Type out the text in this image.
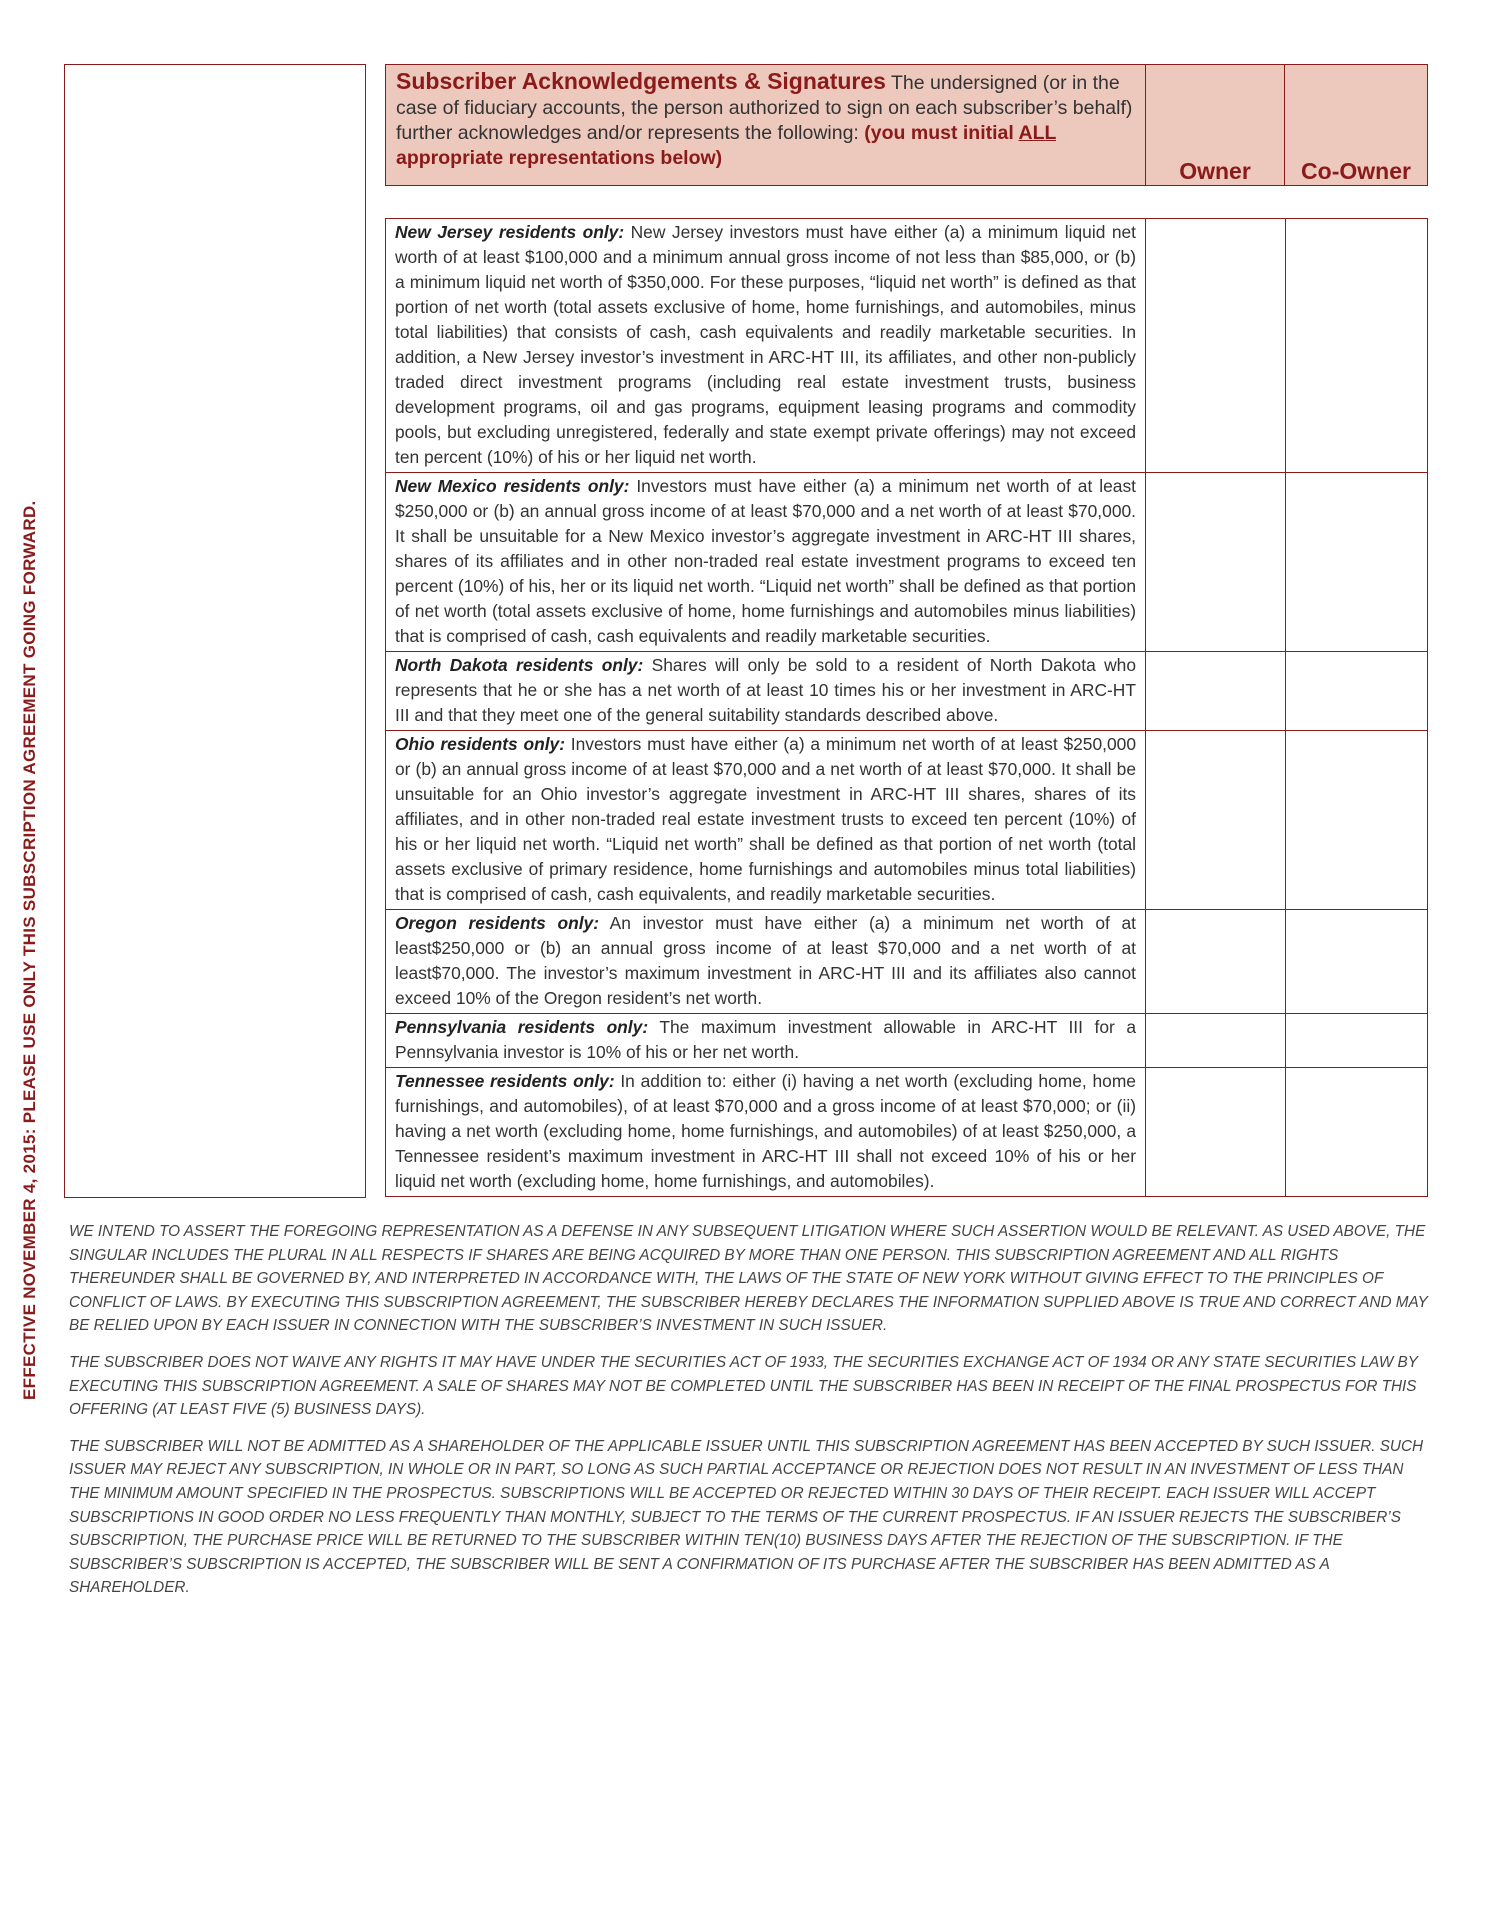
EFFECTIVE NOVEMBER 4, 2015: PLEASE USE ONLY THIS SUBSCRIPTION AGREEMENT GOING FORWARD.
Subscriber Acknowledgements & Signatures The undersigned (or in the case of fiduciary accounts, the person authorized to sign on each subscriber’s behalf) further acknowledges and/or represents the following: (you must initial ALL appropriate representations below)	Owner	Co-Owner
New Jersey residents only: New Jersey investors must have either (a) a minimum liquid net worth of at least $100,000 and a minimum annual gross income of not less than $85,000, or (b) a minimum liquid net worth of $350,000. For these purposes, “liquid net worth” is defined as that portion of net worth (total assets exclusive of home, home furnishings, and automobiles, minus total liabilities) that consists of cash, cash equivalents and readily marketable securities. In addition, a New Jersey investor’s investment in ARC-HT III, its affiliates, and other non-publicly traded direct investment programs (including real estate investment trusts, business development programs, oil and gas programs, equipment leasing programs and commodity pools, but excluding unregistered, federally and state exempt private offerings) may not exceed ten percent (10%) of his or her liquid net worth.		
New Mexico residents only: Investors must have either (a) a minimum net worth of at least $250,000 or (b) an annual gross income of at least $70,000 and a net worth of at least $70,000. It shall be unsuitable for a New Mexico investor’s aggregate investment in ARC-HT III shares, shares of its affiliates and in other non-traded real estate investment programs to exceed ten percent (10%) of his, her or its liquid net worth. “Liquid net worth” shall be defined as that portion of net worth (total assets exclusive of home, home furnishings and automobiles minus liabilities) that is comprised of cash, cash equivalents and readily marketable securities.		
North Dakota residents only: Shares will only be sold to a resident of North Dakota who represents that he or she has a net worth of at least 10 times his or her investment in ARC-HT III and that they meet one of the general suitability standards described above.		
Ohio residents only: Investors must have either (a) a minimum net worth of at least $250,000 or (b) an annual gross income of at least $70,000 and a net worth of at least $70,000. It shall be unsuitable for an Ohio investor’s aggregate investment in ARC-HT III shares, shares of its affiliates, and in other non-traded real estate investment trusts to exceed ten percent (10%) of his or her liquid net worth. “Liquid net worth” shall be defined as that portion of net worth (total assets exclusive of primary residence, home furnishings and automobiles minus total liabilities) that is comprised of cash, cash equivalents, and readily marketable securities.		
Oregon residents only: An investor must have either (a) a minimum net worth of at least$250,000 or (b) an annual gross income of at least $70,000 and a net worth of at least$70,000. The investor’s maximum investment in ARC-HT III and its affiliates also cannot exceed 10% of the Oregon resident’s net worth.		
Pennsylvania residents only: The maximum investment allowable in ARC-HT III for a Pennsylvania investor is 10% of his or her net worth.		
Tennessee residents only: In addition to: either (i) having a net worth (excluding home, home furnishings, and automobiles), of at least $70,000 and a gross income of at least $70,000; or (ii) having a net worth (excluding home, home furnishings, and automobiles) of at least $250,000, a Tennessee resident’s maximum investment in ARC-HT III shall not exceed 10% of his or her liquid net worth (excluding home, home furnishings, and automobiles).		

WE INTEND TO ASSERT THE FOREGOING REPRESENTATION AS A DEFENSE IN ANY SUBSEQUENT LITIGATION WHERE SUCH ASSERTION WOULD BE RELEVANT. AS USED ABOVE, THE SINGULAR INCLUDES THE PLURAL IN ALL RESPECTS IF SHARES ARE BEING ACQUIRED BY MORE THAN ONE PERSON. THIS SUBSCRIPTION AGREEMENT AND ALL RIGHTS THEREUNDER SHALL BE GOVERNED BY, AND INTERPRETED IN ACCORDANCE WITH, THE LAWS OF THE STATE OF NEW YORK WITHOUT GIVING EFFECT TO THE PRINCIPLES OF CONFLICT OF LAWS. BY EXECUTING THIS SUBSCRIPTION AGREEMENT, THE SUBSCRIBER HEREBY DECLARES THE INFORMATION SUPPLIED ABOVE IS TRUE AND CORRECT AND MAY BE RELIED UPON BY EACH ISSUER IN CONNECTION WITH THE SUBSCRIBER’S INVESTMENT IN SUCH ISSUER.

THE SUBSCRIBER DOES NOT WAIVE ANY RIGHTS IT MAY HAVE UNDER THE SECURITIES ACT OF 1933, THE SECURITIES EXCHANGE ACT OF 1934 OR ANY STATE SECURITIES LAW BY EXECUTING THIS SUBSCRIPTION AGREEMENT. A SALE OF SHARES MAY NOT BE COMPLETED UNTIL THE SUBSCRIBER HAS BEEN IN RECEIPT OF THE FINAL PROSPECTUS FOR THIS OFFERING (AT LEAST FIVE (5) BUSINESS DAYS).

THE SUBSCRIBER WILL NOT BE ADMITTED AS A SHAREHOLDER OF THE APPLICABLE ISSUER UNTIL THIS SUBSCRIPTION AGREEMENT HAS BEEN ACCEPTED BY SUCH ISSUER. SUCH ISSUER MAY REJECT ANY SUBSCRIPTION, IN WHOLE OR IN PART, SO LONG AS SUCH PARTIAL ACCEPTANCE OR REJECTION DOES NOT RESULT IN AN INVESTMENT OF LESS THAN THE MINIMUM AMOUNT SPECIFIED IN THE PROSPECTUS. SUBSCRIPTIONS WILL BE ACCEPTED OR REJECTED WITHIN 30 DAYS OF THEIR RECEIPT. EACH ISSUER WILL ACCEPT SUBSCRIPTIONS IN GOOD ORDER NO LESS FREQUENTLY THAN MONTHLY, SUBJECT TO THE TERMS OF THE CURRENT PROSPECTUS. IF AN ISSUER REJECTS THE SUBSCRIBER’S SUBSCRIPTION, THE PURCHASE PRICE WILL BE RETURNED TO THE SUBSCRIBER WITHIN TEN(10) BUSINESS DAYS AFTER THE REJECTION OF THE SUBSCRIPTION. IF THE SUBSCRIBER’S SUBSCRIPTION IS ACCEPTED, THE SUBSCRIBER WILL BE SENT A CONFIRMATION OF ITS PURCHASE AFTER THE SUBSCRIBER HAS BEEN ADMITTED AS A SHAREHOLDER.
